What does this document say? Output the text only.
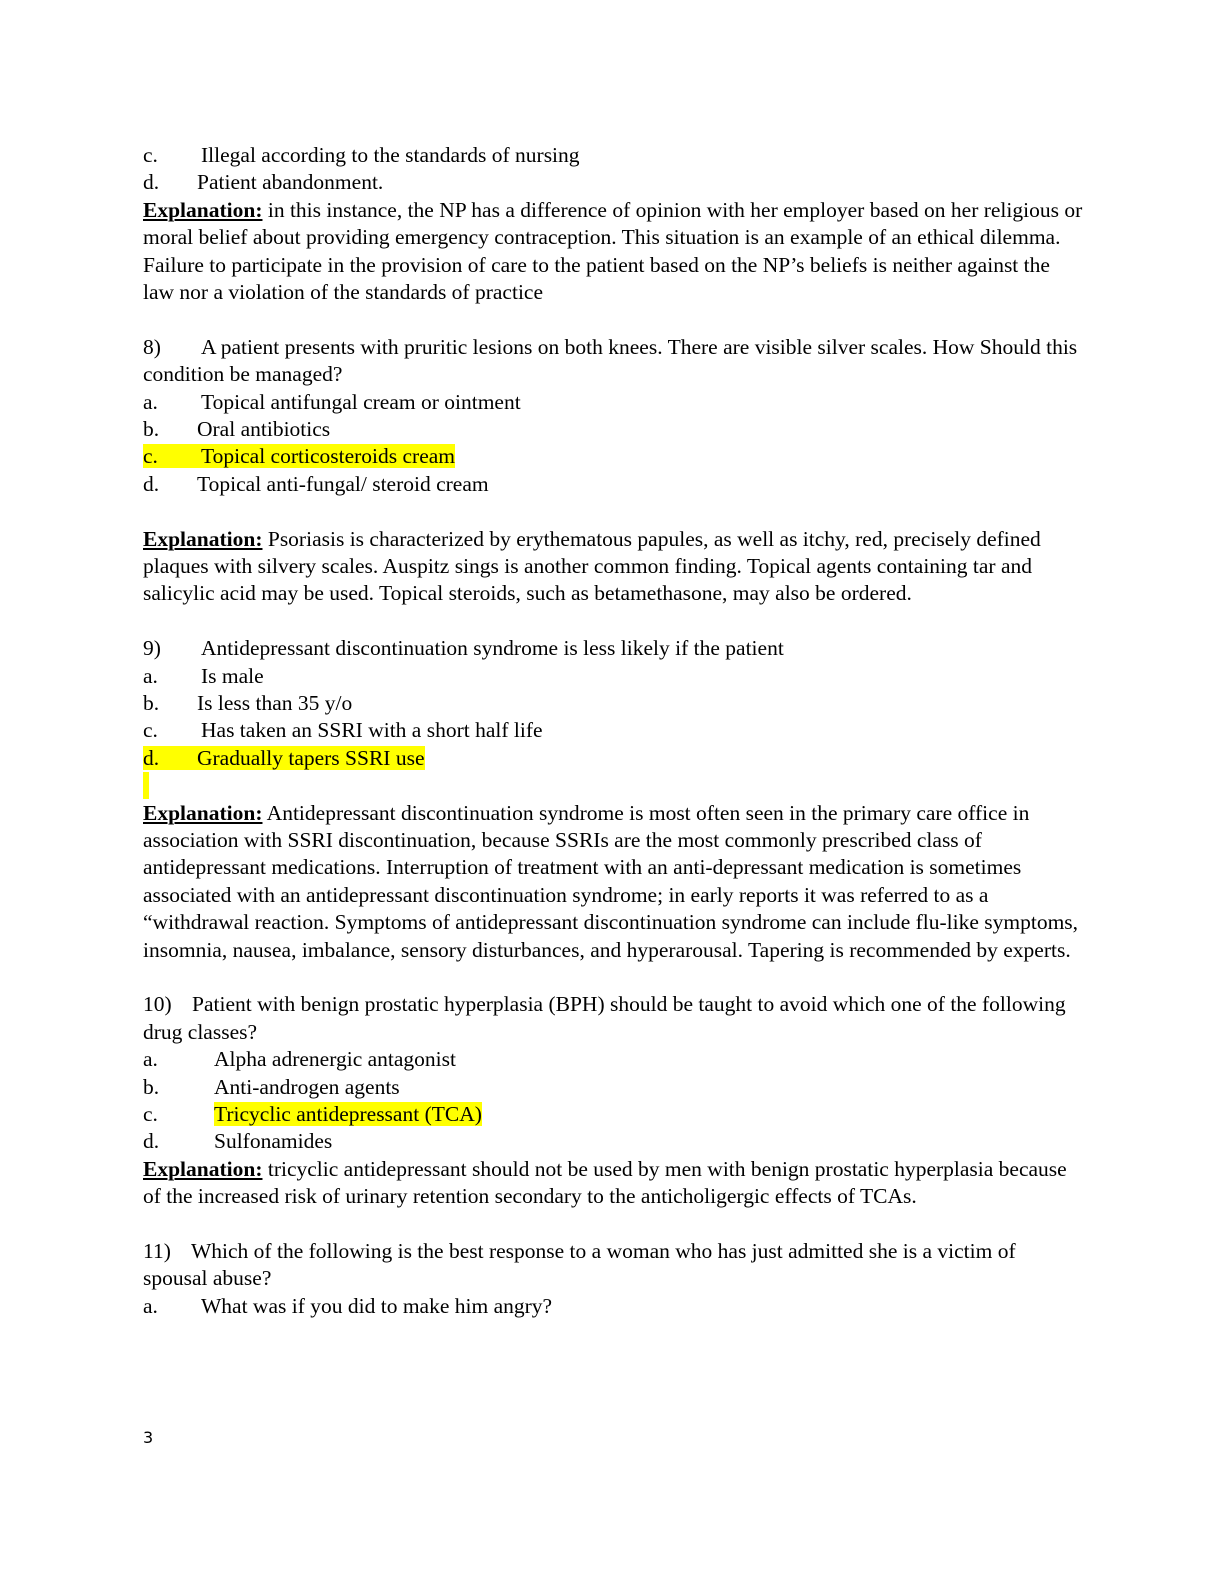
c. Illegal according to the standards of nursing
d. Patient abandonment.

Explanation: in this instance, the NP has a difference of opinion with her employer based on her religious or moral belief about providing emergency contraception. This situation is an example of an ethical dilemma. Failure to participate in the provision of care to the patient based on the NP’s beliefs is neither against the law nor a violation of the standards of practice

8) A patient presents with pruritic lesions on both knees. There are visible silver scales. How Should this condition be managed?

a. Topical antifungal cream or ointment
b. Oral antibiotics
c. Topical corticosteroids cream
d. Topical anti-fungal/ steroid cream

Explanation: Psoriasis is characterized by erythematous papules, as well as itchy, red, precisely defined plaques with silvery scales. Auspitz sings is another common finding. Topical agents containing tar and salicylic acid may be used. Topical steroids, such as betamethasone, may also be ordered.

9) Antidepressant discontinuation syndrome is less likely if the patient
a. Is male
b. Is less than 35 y/o
c. Has taken an SSRI with a short half life
d. Gradually tapers SSRI use

Explanation: Antidepressant discontinuation syndrome is most often seen in the primary care office in association with SSRI discontinuation, because SSRIs are the most commonly prescribed class of antidepressant medications. Interruption of treatment with an anti-depressant medication is sometimes associated with an antidepressant discontinuation syndrome; in early reports it was referred to as a “withdrawal reaction. Symptoms of antidepressant discontinuation syndrome can include flu-like symptoms, insomnia, nausea, imbalance, sensory disturbances, and hyperarousal. Tapering is recommended by experts.

10) Patient with benign prostatic hyperplasia (BPH) should be taught to avoid which one of the following drug classes?

a.	Alpha adrenergic antagonist
b.	Anti-androgen agents
c.	Tricyclic antidepressant (TCA)
d.	Sulfonamides

Explanation: tricyclic antidepressant should not be used by men with benign prostatic hyperplasia because of the increased risk of urinary retention secondary to the anticholigergic effects of TCAs.

11) Which of the following is the best response to a woman who has just admitted she is a victim of spousal abuse?

a. What was if you did to make him angry?
3
